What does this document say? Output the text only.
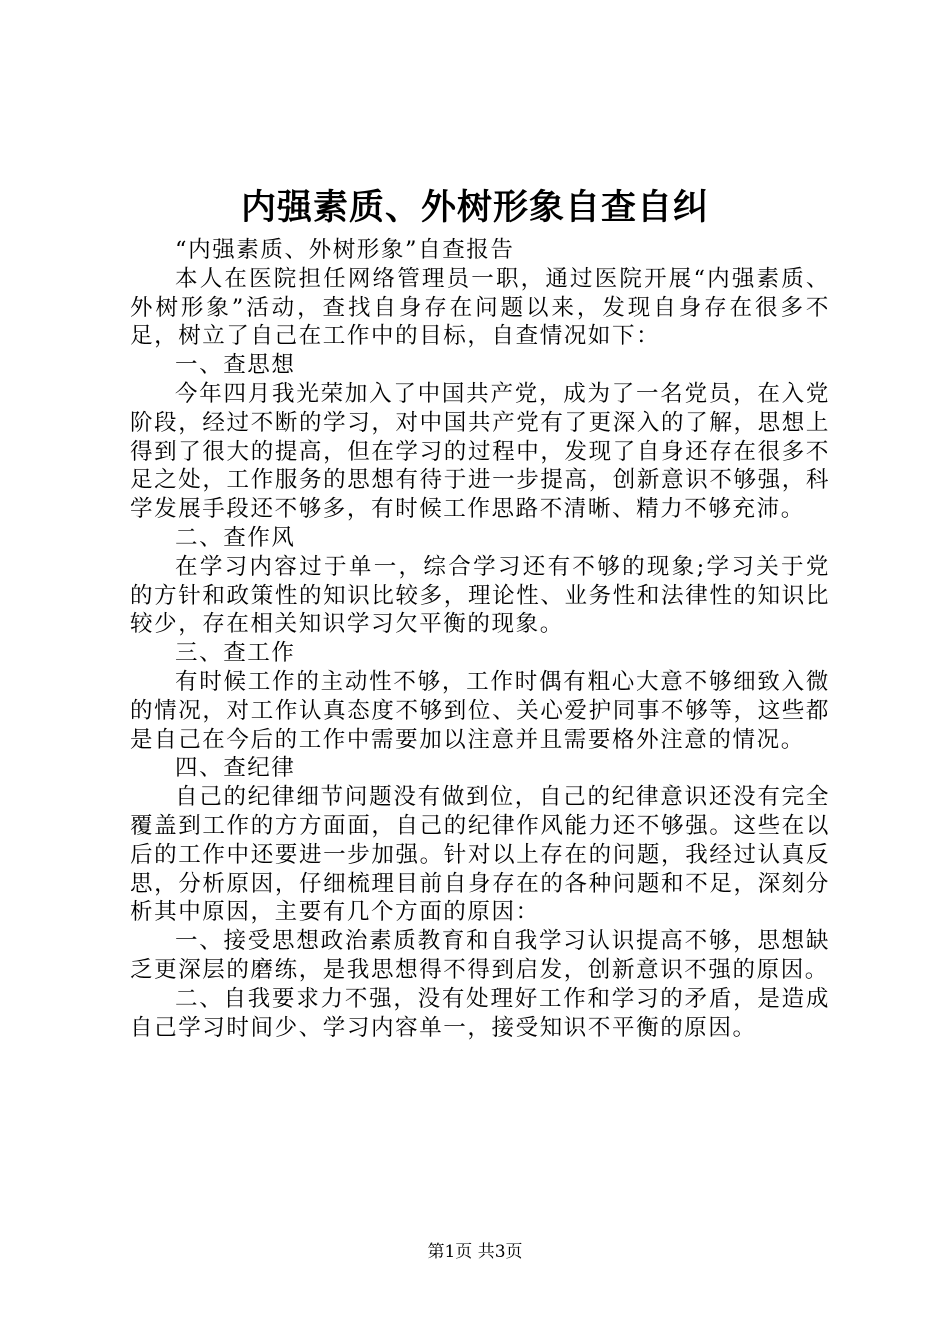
内强素质、外树形象自查自纠

“内强素质、外树形象”自查报告

本人在医院担任网络管理员一职，通过医院开展“内强素质、外树形象”活动，查找自身存在问题以来，发现自身存在很多不足，树立了自己在工作中的目标，自查情况如下：

一、查思想

今年四月我光荣加入了中国共产党，成为了一名党员，在入党阶段，经过不断的学习，对中国共产党有了更深入的了解，思想上得到了很大的提高，但在学习的过程中，发现了自身还存在很多不足之处，工作服务的思想有待于进一步提高，创新意识不够强，科学发展手段还不够多，有时候工作思路不清晰、精力不够充沛。

二、查作风

在学习内容过于单一，综合学习还有不够的现象;学习关于党的方针和政策性的知识比较多，理论性、业务性和法律性的知识比较少，存在相关知识学习欠平衡的现象。

三、查工作

有时候工作的主动性不够，工作时偶有粗心大意不够细致入微的情况，对工作认真态度不够到位、关心爱护同事不够等，这些都是自己在今后的工作中需要加以注意并且需要格外注意的情况。

四、查纪律

自己的纪律细节问题没有做到位，自己的纪律意识还没有完全覆盖到工作的方方面面，自己的纪律作风能力还不够强。这些在以后的工作中还要进一步加强。针对以上存在的问题，我经过认真反思，分析原因，仔细梳理目前自身存在的各种问题和不足，深刻分析其中原因，主要有几个方面的原因：

一、接受思想政治素质教育和自我学习认识提高不够，思想缺乏更深层的磨练，是我思想得不得到启发，创新意识不强的原因。

二、自我要求力不强，没有处理好工作和学习的矛盾，是造成自己学习时间少、学习内容单一，接受知识不平衡的原因。

第1页 共3页
